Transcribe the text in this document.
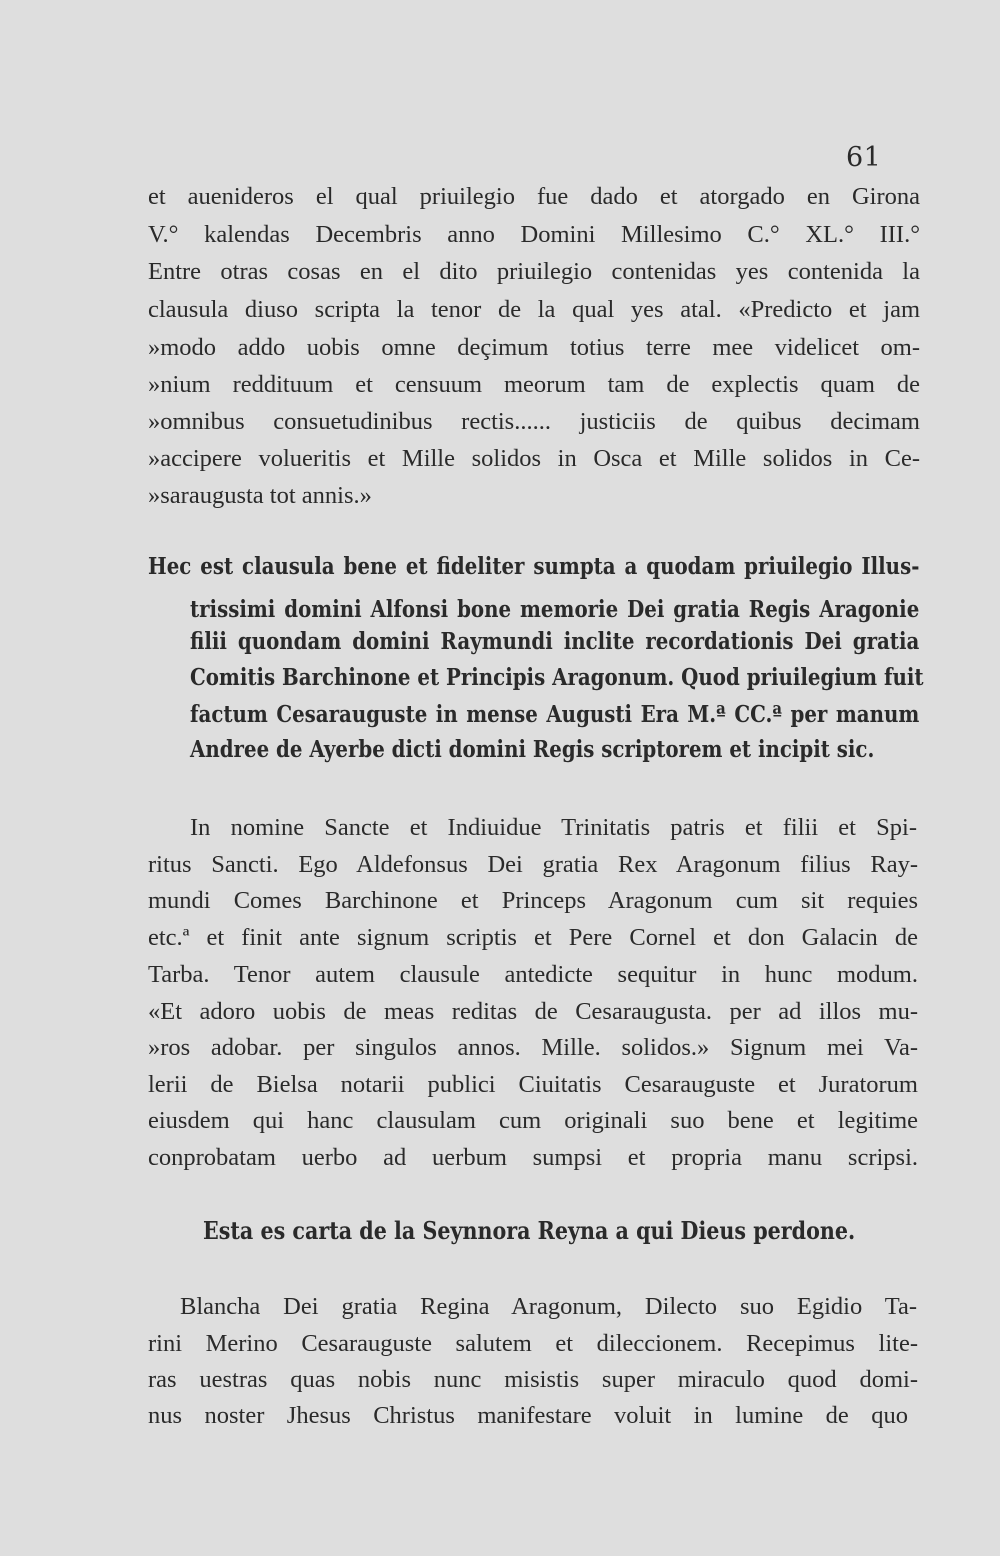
61
et auenideros el qual priuilegio fue dado et atorgado en Girona
V.° kalendas Decembris anno Domini Millesimo C.° XL.° III.°
Entre otras cosas en el dito priuilegio contenidas yes contenida la
clausula diuso scripta la tenor de la qual yes atal. «Predicto et jam
»modo addo uobis omne deçimum totius terre mee videlicet om-
»nium reddituum et censuum meorum tam de explectis quam de
»omnibus consuetudinibus rectis...... justiciis de quibus decimam
»accipere volueritis et Mille solidos in Osca et Mille solidos in Ce-
»saraugusta tot annis.»
Hec est clausula bene et fideliter sumpta a quodam priuilegio Illus-
trissimi domini Alfonsi bone memorie Dei gratia Regis Aragonie
filii quondam domini Raymundi inclite recordationis Dei gratia
Comitis Barchinone et Principis Aragonum. Quod priuilegium fuit
factum Cesarauguste in mense Augusti Era M.ª CC.ª per manum
Andree de Ayerbe dicti domini Regis scriptorem et incipit sic.
In nomine Sancte et Indiuidue Trinitatis patris et filii et Spi-
ritus Sancti. Ego Aldefonsus Dei gratia Rex Aragonum filius Ray-
mundi Comes Barchinone et Princeps Aragonum cum sit requies
etc.ª et finit ante signum scriptis et Pere Cornel et don Galacin de
Tarba. Tenor autem clausule antedicte sequitur in hunc modum.
«Et adoro uobis de meas reditas de Cesaraugusta. per ad illos mu-
»ros adobar. per singulos annos. Mille. solidos.» Signum mei Va-
lerii de Bielsa notarii publici Ciuitatis Cesarauguste et Juratorum
eiusdem qui hanc clausulam cum originali suo bene et legitime
conprobatam uerbo ad uerbum sumpsi et propria manu scripsi.
Esta es carta de la Seynnora Reyna a qui Dieus perdone.
Blancha Dei gratia Regina Aragonum, Dilecto suo Egidio Ta-
rini Merino Cesarauguste salutem et dileccionem. Recepimus lite-
ras uestras quas nobis nunc misistis super miraculo quod domi-
nus noster Jhesus Christus manifestare voluit in lumine de quo
